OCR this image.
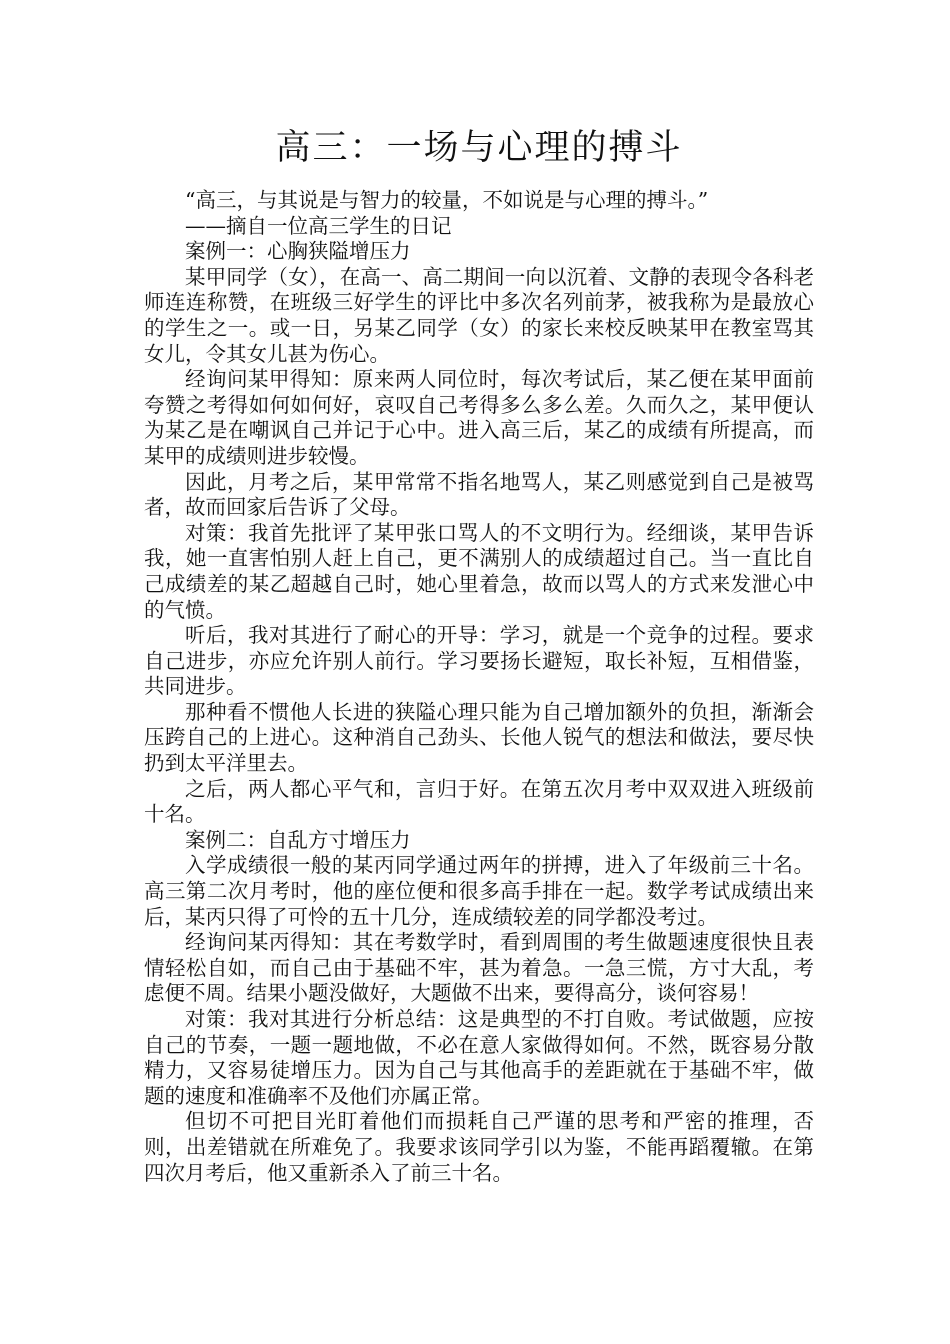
高三：一场与心理的搏斗

“高三，与其说是与智力的较量，不如说是与心理的搏斗。”

——摘自一位高三学生的日记

案例一：心胸狭隘增压力

某甲同学（女），在高一、高二期间一向以沉着、文静的表现令各科老师连连称赞，在班级三好学生的评比中多次名列前茅，被我称为是最放心的学生之一。或一日，另某乙同学（女）的家长来校反映某甲在教室骂其女儿，令其女儿甚为伤心。

经询问某甲得知：原来两人同位时，每次考试后，某乙便在某甲面前夸赞之考得如何如何好，哀叹自己考得多么多么差。久而久之，某甲便认为某乙是在嘲讽自己并记于心中。进入高三后，某乙的成绩有所提高，而某甲的成绩则进步较慢。

因此，月考之后，某甲常常不指名地骂人，某乙则感觉到自己是被骂者，故而回家后告诉了父母。

对策：我首先批评了某甲张口骂人的不文明行为。经细谈，某甲告诉我，她一直害怕别人赶上自己，更不满别人的成绩超过自己。当一直比自己成绩差的某乙超越自己时，她心里着急，故而以骂人的方式来发泄心中的气愤。

听后，我对其进行了耐心的开导：学习，就是一个竞争的过程。要求自己进步，亦应允许别人前行。学习要扬长避短，取长补短，互相借鉴，共同进步。

那种看不惯他人长进的狭隘心理只能为自己增加额外的负担，渐渐会压跨自己的上进心。这种消自己劲头、长他人锐气的想法和做法，要尽快扔到太平洋里去。

之后，两人都心平气和，言归于好。在第五次月考中双双进入班级前十名。

案例二：自乱方寸增压力

入学成绩很一般的某丙同学通过两年的拼搏，进入了年级前三十名。高三第二次月考时，他的座位便和很多高手排在一起。数学考试成绩出来后，某丙只得了可怜的五十几分，连成绩较差的同学都没考过。

经询问某丙得知：其在考数学时，看到周围的考生做题速度很快且表情轻松自如，而自己由于基础不牢，甚为着急。一急三慌，方寸大乱，考虑便不周。结果小题没做好，大题做不出来，要得高分，谈何容易！

对策：我对其进行分析总结：这是典型的不打自败。考试做题，应按自己的节奏，一题一题地做，不必在意人家做得如何。不然，既容易分散精力，又容易徒增压力。因为自己与其他高手的差距就在于基础不牢，做题的速度和准确率不及他们亦属正常。

但切不可把目光盯着他们而损耗自己严谨的思考和严密的推理，否则，出差错就在所难免了。我要求该同学引以为鉴，不能再蹈覆辙。在第四次月考后，他又重新杀入了前三十名。
